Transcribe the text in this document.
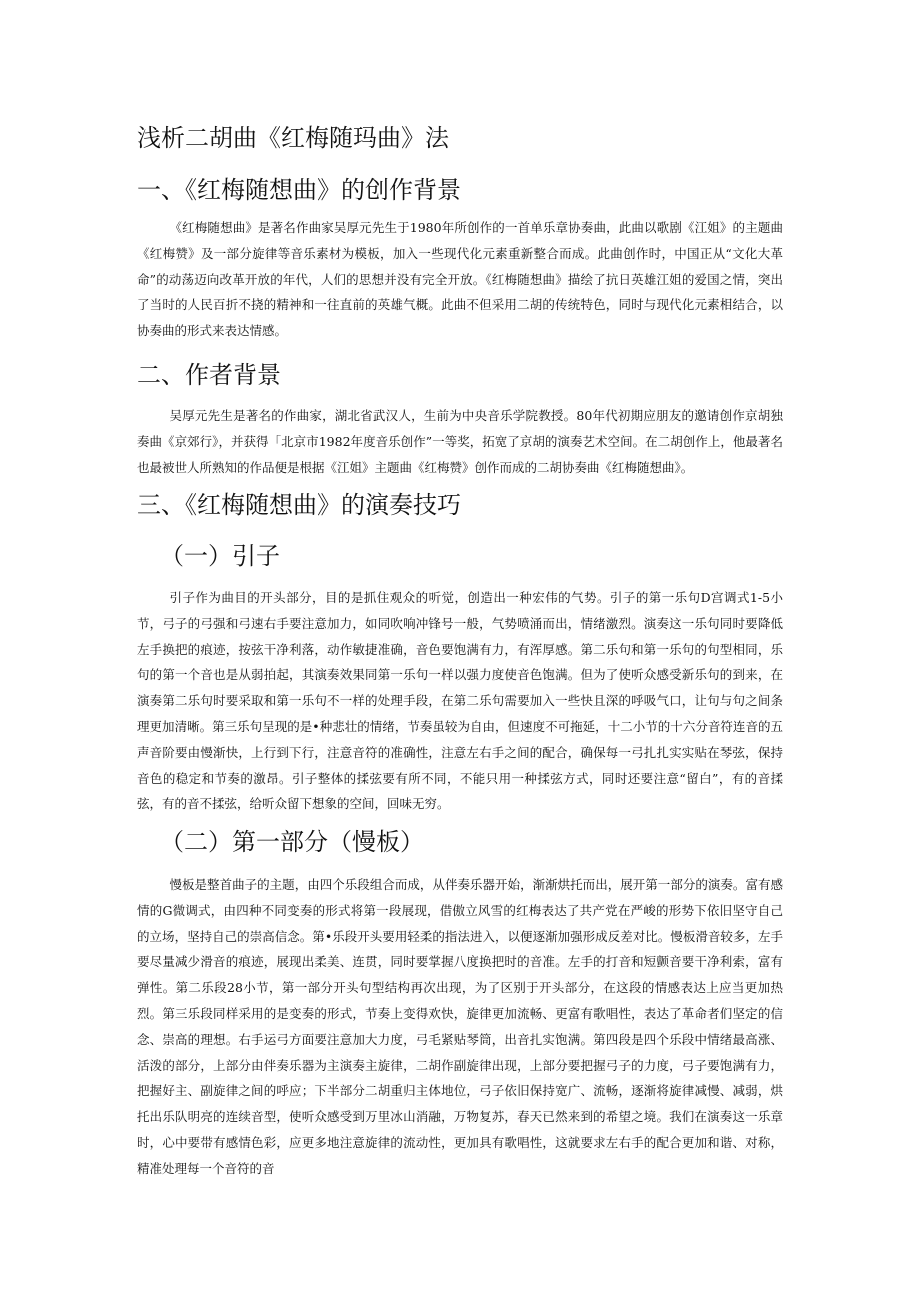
浅析二胡曲《红梅随玛曲》法
一、《红梅随想曲》的创作背景

《红梅随想曲》是著名作曲家吴厚元先生于1980年所创作的一首单乐章协奏曲，此曲以歌剧《江姐》的主题曲《红梅赞》及一部分旋律等音乐素材为模板，加入一些现代化元素重新整合而成。此曲创作时，中国正从“文化大革命”的动荡迈向改革开放的年代，人们的思想并没有完全开放。《红梅随想曲》描绘了抗日英雄江姐的爱国之情，突出了当时的人民百折不挠的精神和一往直前的英雄气概。此曲不但采用二胡的传统特色，同时与现代化元素相结合，以协奏曲的形式来表达情感。

二、作者背景

吴厚元先生是著名的作曲家，湖北省武汉人，生前为中央音乐学院教授。80年代初期应朋友的邀请创作京胡独奏曲《京郊行》，并获得「北京市1982年度音乐创作”一等奖，拓宽了京胡的演奏艺术空间。在二胡创作上，他最著名也最被世人所熟知的作品便是根据《江姐》主题曲《红梅赞》创作而成的二胡协奏曲《红梅随想曲》。

三、《红梅随想曲》的演奏技巧
（一）引子

引子作为曲目的开头部分，目的是抓住观众的听觉，创造出一种宏伟的气势。引子的第一乐句D宫调式1-5小节，弓子的弓强和弓速右手要注意加力，如同吹响冲锋号一般，气势喷涌而出，情绪激烈。演奏这一乐句同时要降低左手换把的痕迹，按弦干净利落，动作敏捷准确，音色要饱满有力，有浑厚感。第二乐句和第一乐句的句型相同，乐句的第一个音也是从弱拍起，其演奏效果同第一乐句一样以强力度使音色饱满。但为了使听众感受新乐句的到来，在演奏第二乐句时要采取和第一乐句不一样的处理手段，在第二乐句需要加入一些快且深的呼吸气口，让句与句之间条理更加清晰。第三乐句呈现的是•种悲壮的情绪，节奏虽较为自由，但速度不可拖延，十二小节的十六分音符连音的五声音阶要由慢渐快，上行到下行，注意音符的准确性，注意左右手之间的配合，确保每一弓扎扎实实贴在琴弦，保持音色的稳定和节奏的激昂。引子整体的揉弦要有所不同，不能只用一种揉弦方式，同时还要注意“留白”，有的音揉弦，有的音不揉弦，给听众留下想象的空间，回味无穷。

（二）第一部分（慢板）

慢板是整首曲子的主题，由四个乐段组合而成，从伴奏乐器开始，渐渐烘托而出，展开第一部分的演奏。富有感情的G微调式，由四种不同变奏的形式将第一段展现，借傲立风雪的红梅表达了共产党在严峻的形势下依旧坚守自己的立场，坚持自己的崇高信念。第•乐段开头要用轻柔的指法进入，以便逐渐加强形成反差对比。慢板滑音较多，左手要尽量减少滑音的痕迹，展现出柔美、连贯，同时要掌握八度换把时的音准。左手的打音和短颤音要干净利索，富有弹性。第二乐段28小节，第一部分开头句型结构再次出现，为了区别于开头部分，在这段的情感表达上应当更加热烈。第三乐段同样采用的是变奏的形式，节奏上变得欢快，旋律更加流畅、更富有歌唱性，表达了革命者们坚定的信念、崇高的理想。右手运弓方面要注意加大力度，弓毛紧贴琴筒，出音扎实饱满。第四段是四个乐段中情绪最高涨、活泼的部分，上部分由伴奏乐器为主演奏主旋律，二胡作副旋律出现，上部分要把握弓子的力度，弓子要饱满有力，把握好主、副旋律之间的呼应；下半部分二胡重归主体地位，弓子依旧保持宽广、流畅，逐渐将旋律减慢、减弱，烘托出乐队明亮的连续音型，使听众感受到万里冰山消融，万物复苏，春天已然来到的希望之境。我们在演奏这一乐章时，心中要带有感情色彩，应更多地注意旋律的流动性，更加具有歌唱性，这就要求左右手的配合更加和谐、对称，精准处理每一个音符的音
